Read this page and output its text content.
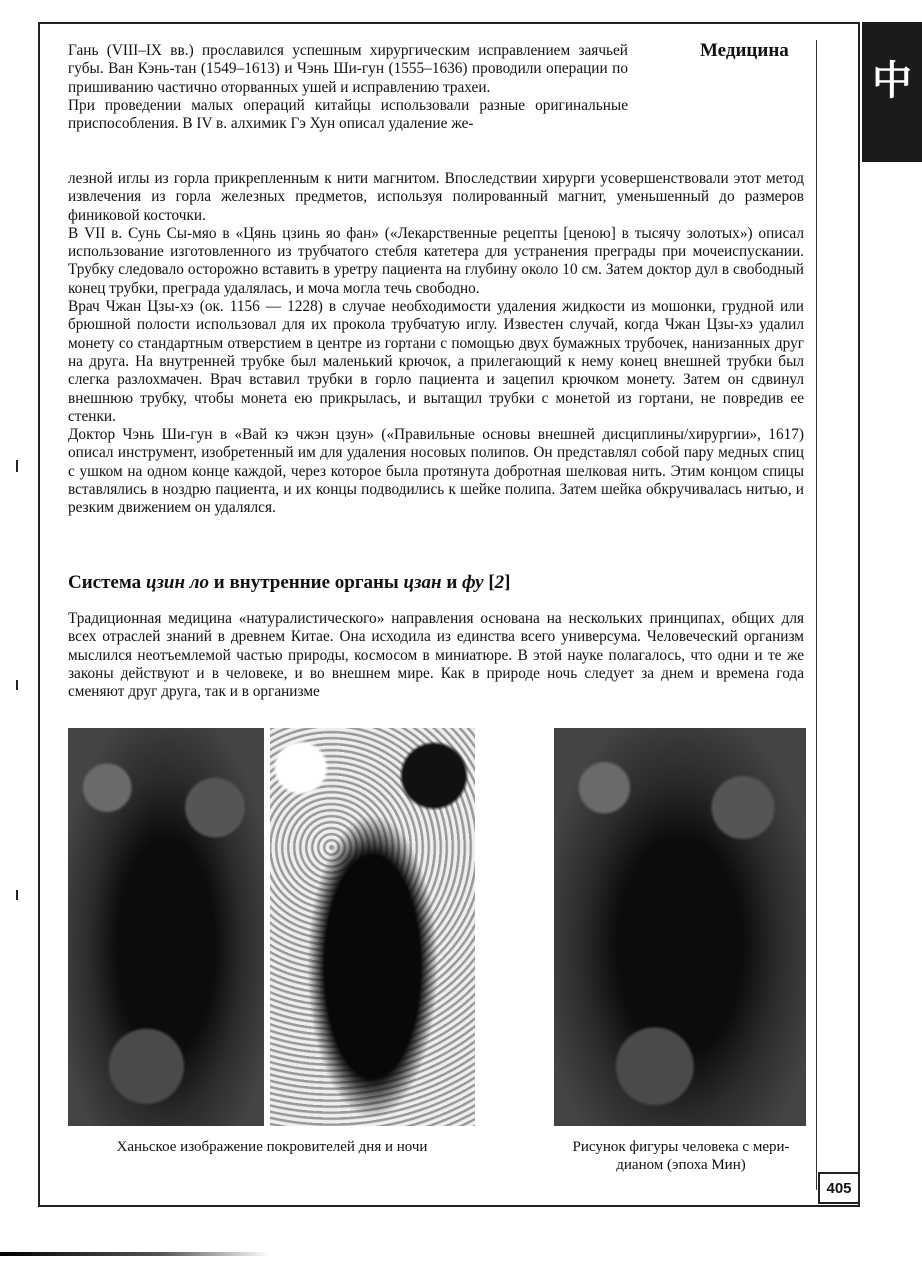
中
Медицина

Гань (VIII–IX вв.) прославился успешным хирургическим исправлением заячьей губы. Ван Кэнь-тан (1549–1613) и Чэнь Ши-гун (1555–1636) проводили операции по пришиванию частично оторванных ушей и исправлению трахеи.

При проведении малых операций китайцы использовали разные оригинальные приспособления. В IV в. алхимик Гэ Хун описал удаление же-

лезной иглы из горла прикрепленным к нити магнитом. Впоследствии хирурги усовершенствовали этот метод извлечения из горла железных предметов, используя полированный магнит, уменьшенный до размеров финиковой косточки.

В VII в. Сунь Сы-мяо в «Цянь цзинь яо фан» («Лекарственные рецепты [ценою] в тысячу золотых») описал использование изготовленного из трубчатого стебля катетера для устранения преграды при мочеиспускании. Трубку следовало осторожно вставить в уретру пациента на глубину около 10 см. Затем доктор дул в свободный конец трубки, преграда удалялась, и моча могла течь свободно.

Врач Чжан Цзы-хэ (ок. 1156 — 1228) в случае необходимости удаления жидкости из мошонки, грудной или брюшной полости использовал для их прокола трубчатую иглу. Известен случай, когда Чжан Цзы-хэ удалил монету со стандартным отверстием в центре из гортани с помощью двух бумажных трубочек, нанизанных друг на друга. На внутренней трубке был маленький крючок, а прилегающий к нему конец внешней трубки был слегка разлохмачен. Врач вставил трубки в горло пациента и зацепил крючком монету. Затем он сдвинул внешнюю трубку, чтобы монета ею прикрылась, и вытащил трубки с монетой из гортани, не повредив ее стенки.

Доктор Чэнь Ши-гун в «Вай кэ чжэн цзун» («Правильные основы внешней дисциплины/хирургии», 1617) описал инструмент, изобретенный им для удаления носовых полипов. Он представлял собой пару медных спиц с ушком на одном конце каждой, через которое была протянута добротная шелковая нить. Этим концом спицы вставлялись в ноздрю пациента, и их концы подводились к шейке полипа. Затем шейка обкручивалась нитью, и резким движением он удалялся.

Система цзин ло и внутренние органы цзан и фу [2]

Традиционная медицина «натуралистического» направления основана на нескольких принципах, общих для всех отраслей знаний в древнем Китае. Она исходила из единства всего универсума. Человеческий организм мыслился неотъемлемой частью природы, космосом в миниатюре. В этой науке полагалось, что одни и те же законы действуют и в человеке, и во внешнем мире. Как в природе ночь следует за днем и времена года сменяют друг друга, так и в организме

Ханьское изображение покровителей дня и ночи	Рисунок фигуры человека с мери-
дианом (эпоха Мин)

405
